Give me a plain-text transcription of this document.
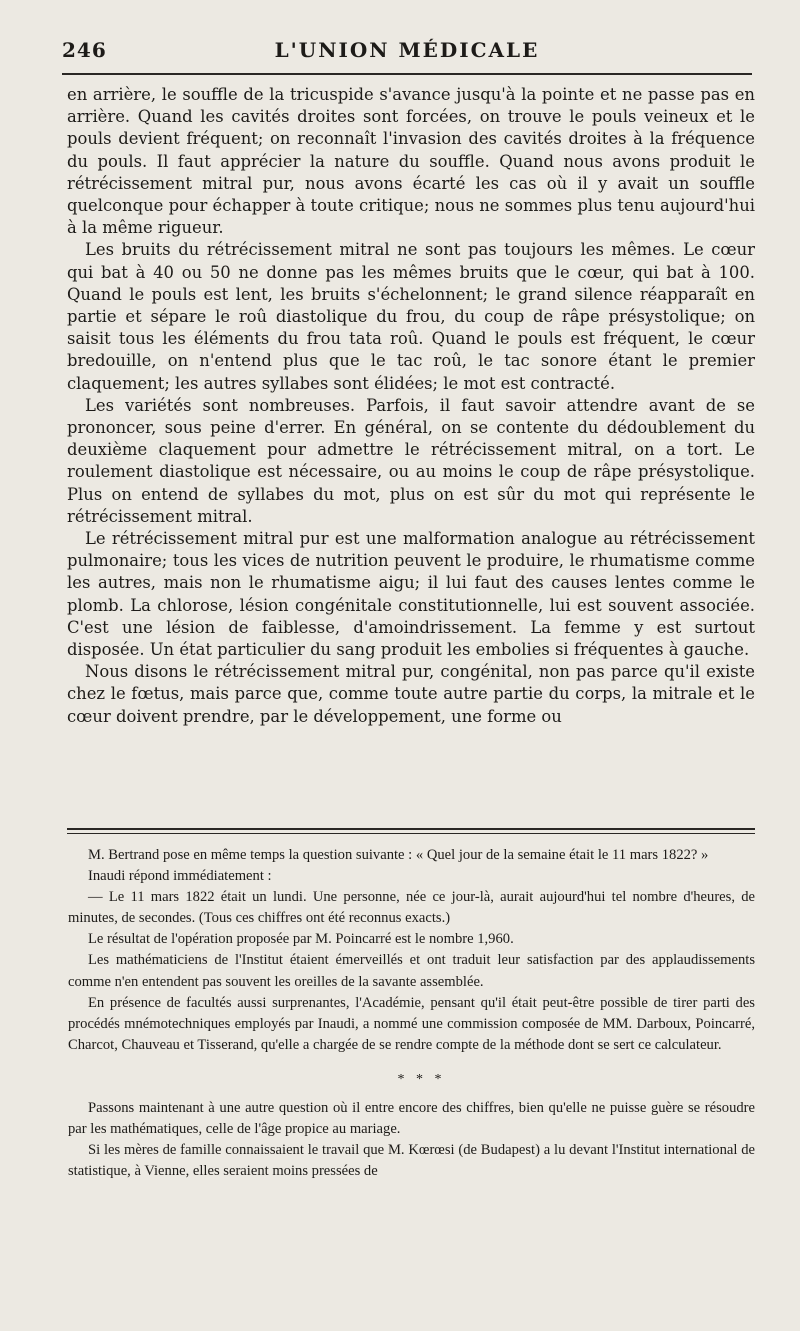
246	L'UNION MÉDICALE

en arrière, le souffle de la tricuspide s'avance jusqu'à la pointe et ne passe pas en arrière. Quand les cavités droites sont forcées, on trouve le pouls veineux et le pouls devient fréquent; on reconnaît l'invasion des cavités droites à la fréquence du pouls. Il faut apprécier la nature du souffle. Quand nous avons produit le rétrécissement mitral pur, nous avons écarté les cas où il y avait un souffle quelconque pour échapper à toute critique; nous ne sommes plus tenu aujourd'hui à la même rigueur.

Les bruits du rétrécissement mitral ne sont pas toujours les mêmes. Le cœur qui bat à 40 ou 50 ne donne pas les mêmes bruits que le cœur, qui bat à 100. Quand le pouls est lent, les bruits s'échelonnent; le grand silence réapparaît en partie et sépare le roû diastolique du frou, du coup de râpe présystolique; on saisit tous les éléments du frou tata roû. Quand le pouls est fréquent, le cœur bredouille, on n'entend plus que le tac roû, le tac sonore étant le premier claquement; les autres syllabes sont élidées; le mot est contracté.

Les variétés sont nombreuses. Parfois, il faut savoir attendre avant de se prononcer, sous peine d'errer. En général, on se contente du dédoublement du deuxième claquement pour admettre le rétrécissement mitral, on a tort. Le roulement diastolique est nécessaire, ou au moins le coup de râpe présystolique. Plus on entend de syllabes du mot, plus on est sûr du mot qui représente le rétrécissement mitral.

Le rétrécissement mitral pur est une malformation analogue au rétrécissement pulmonaire; tous les vices de nutrition peuvent le produire, le rhumatisme comme les autres, mais non le rhumatisme aigu; il lui faut des causes lentes comme le plomb. La chlorose, lésion congénitale constitutionnelle, lui est souvent associée. C'est une lésion de faiblesse, d'amoindrissement. La femme y est surtout disposée. Un état particulier du sang produit les embolies si fréquentes à gauche.

Nous disons le rétrécissement mitral pur, congénital, non pas parce qu'il existe chez le fœtus, mais parce que, comme toute autre partie du corps, la mitrale et le cœur doivent prendre, par le développement, une forme ou

M. Bertrand pose en même temps la question suivante : « Quel jour de la semaine était le 11 mars 1822? »

Inaudi répond immédiatement :

— Le 11 mars 1822 était un lundi. Une personne, née ce jour-là, aurait aujourd'hui tel nombre d'heures, de minutes, de secondes. (Tous ces chiffres ont été reconnus exacts.)

Le résultat de l'opération proposée par M. Poincarré est le nombre 1,960.

Les mathématiciens de l'Institut étaient émerveillés et ont traduit leur satisfaction par des applaudissements comme n'en entendent pas souvent les oreilles de la savante assemblée.

En présence de facultés aussi surprenantes, l'Académie, pensant qu'il était peut-être possible de tirer parti des procédés mnémotechniques employés par Inaudi, a nommé une commission composée de MM. Darboux, Poincarré, Charcot, Chauveau et Tisserand, qu'elle a chargée de se rendre compte de la méthode dont se sert ce calculateur.

* * *

Passons maintenant à une autre question où il entre encore des chiffres, bien qu'elle ne puisse guère se résoudre par les mathématiques, celle de l'âge propice au mariage.

Si les mères de famille connaissaient le travail que M. Kœrœsi (de Budapest) a lu devant l'Institut international de statistique, à Vienne, elles seraient moins pressées de
